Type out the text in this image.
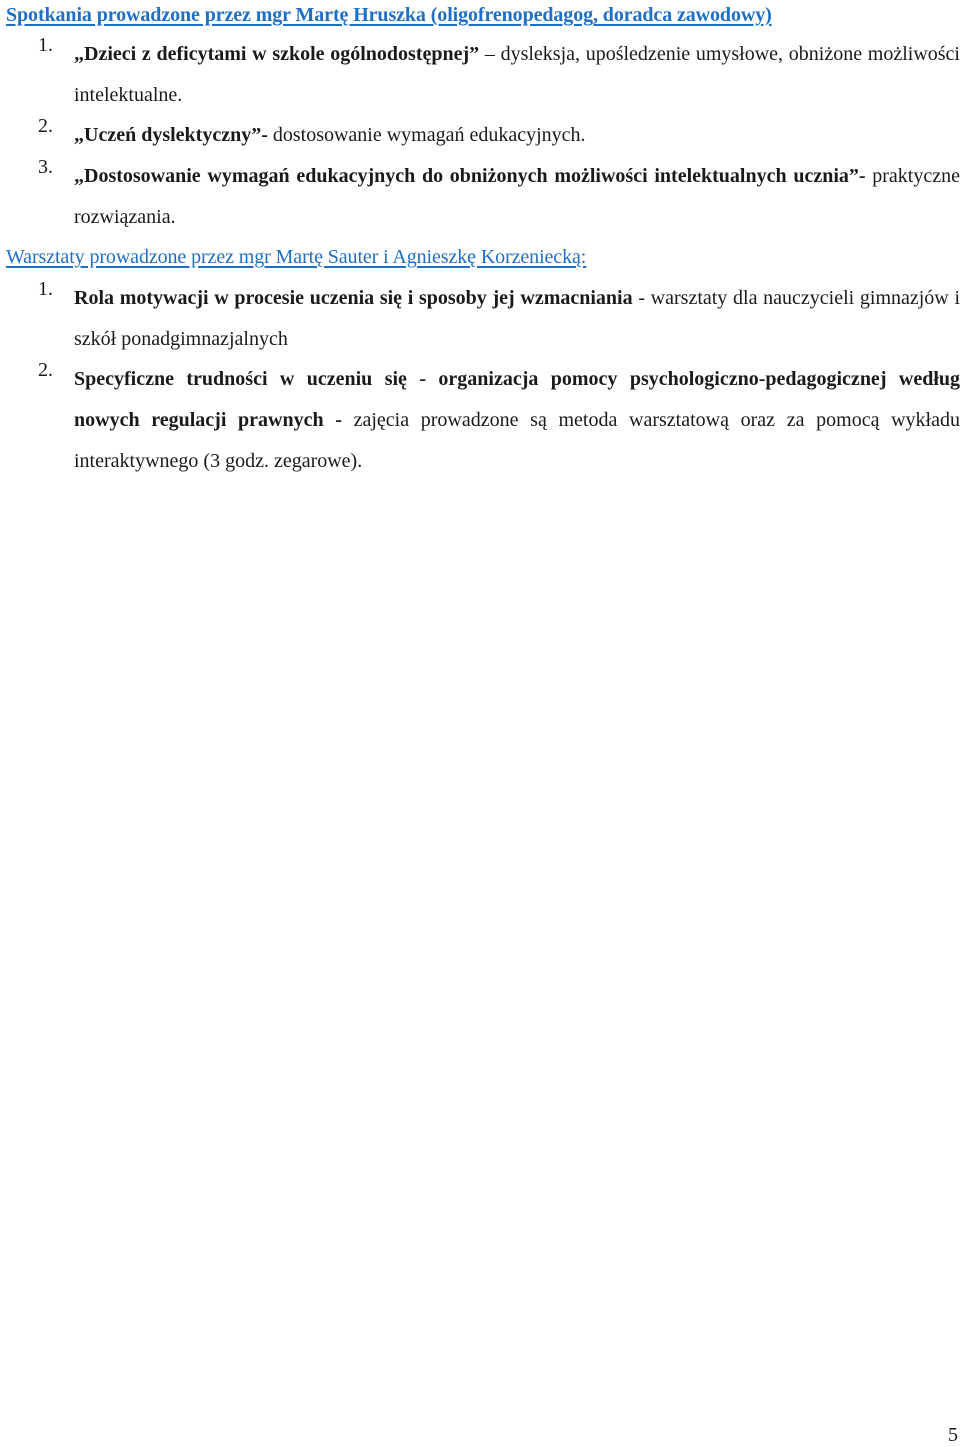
Spotkania prowadzone przez mgr Martę Hruszka (oligofrenopedagog, doradca zawodowy)
1.	„Dzieci z deficytami w szkole ogólnodostępnej” – dysleksja, upośledzenie umysłowe, obniżone możliwości intelektualne.
2.	„Uczeń dyslektyczny”- dostosowanie wymagań edukacyjnych.
3.	„Dostosowanie wymagań edukacyjnych do obniżonych możliwości intelektualnych ucznia”- praktyczne rozwiązania.
Warsztaty prowadzone przez mgr Martę Sauter i Agnieszkę Korzeniecką:
1.	Rola motywacji w procesie uczenia się i sposoby jej wzmacniania - warsztaty dla nauczycieli gimnazjów i szkół ponadgimnazjalnych
2.	Specyficzne trudności w uczeniu się - organizacja pomocy psychologiczno-pedagogicznej według nowych regulacji prawnych - zajęcia prowadzone są metoda warsztatową oraz za pomocą wykładu interaktywnego (3 godz. zegarowe).
5
